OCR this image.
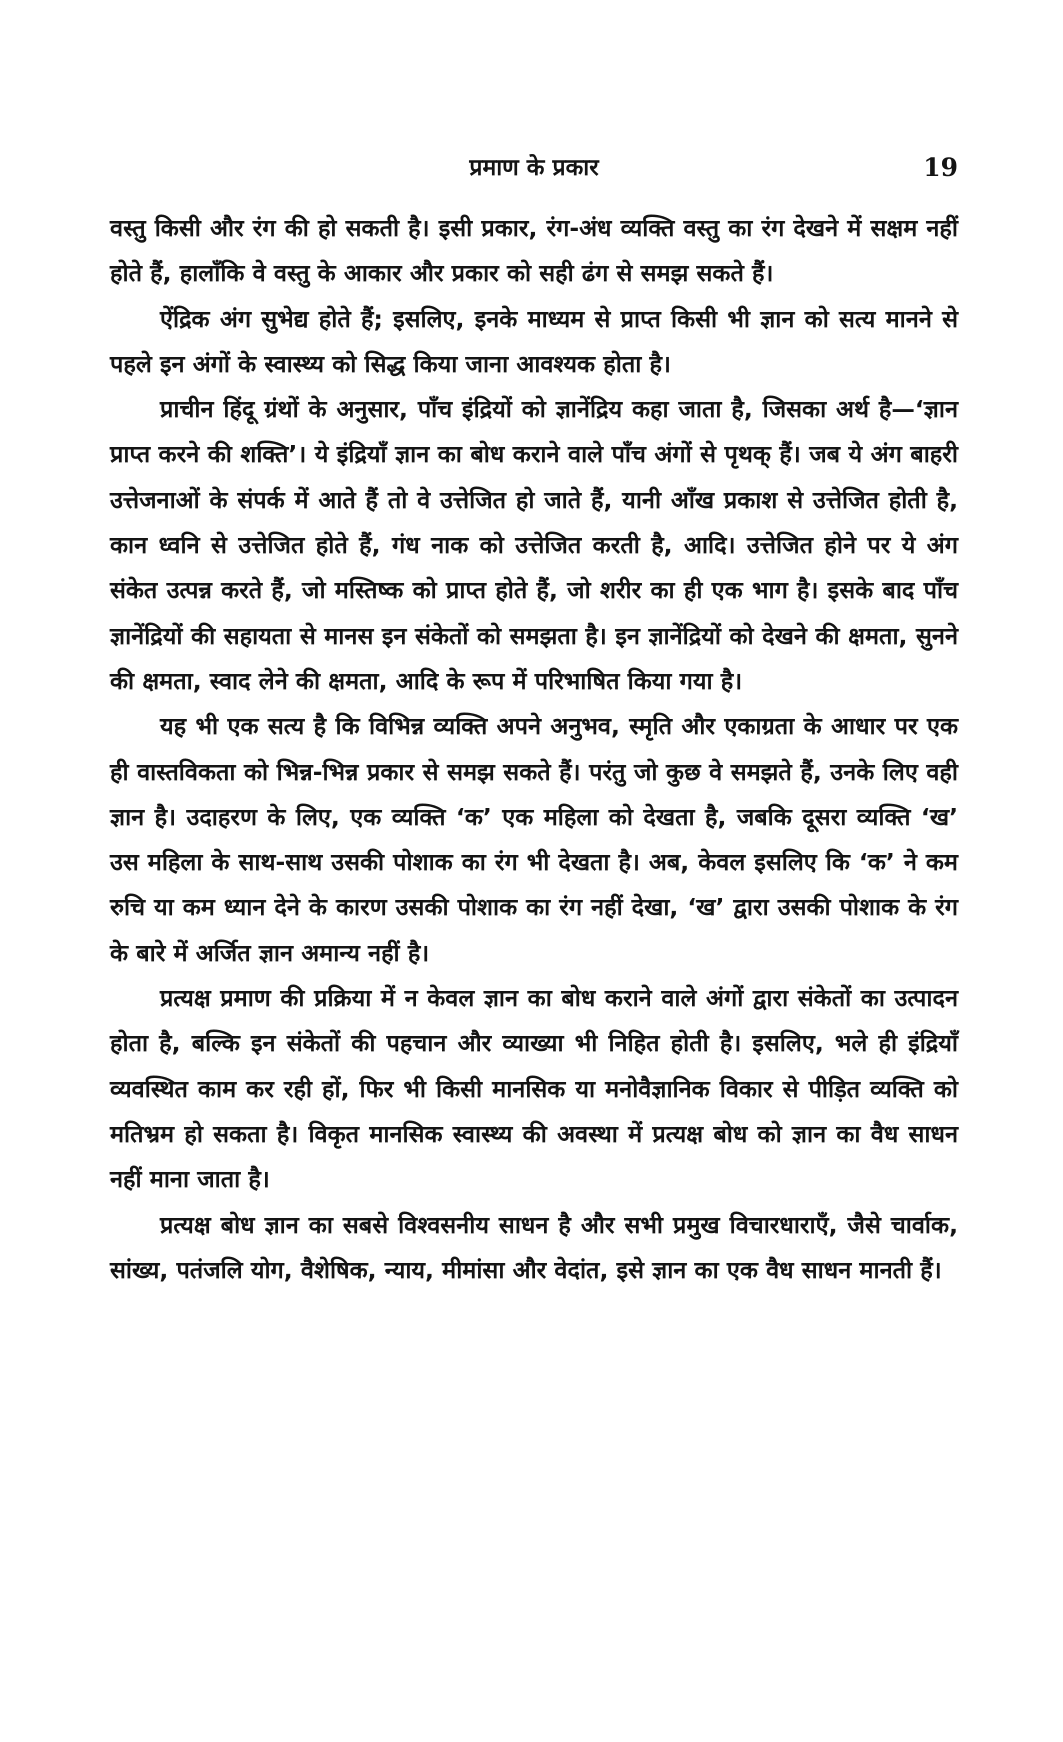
प्रमाण के प्रकार	19

वस्तु किसी और रंग की हो सकती है। इसी प्रकार, रंग-अंध व्यक्ति वस्तु का रंग देखने में सक्षम नहीं होते हैं, हालाँकि वे वस्तु के आकार और प्रकार को सही ढंग से समझ सकते हैं।

ऐंद्रिक अंग सुभेद्य होते हैं; इसलिए, इनके माध्यम से प्राप्त किसी भी ज्ञान को सत्य मानने से पहले इन अंगों के स्वास्थ्य को सिद्ध किया जाना आवश्यक होता है।

प्राचीन हिंदू ग्रंथों के अनुसार, पाँच इंद्रियों को ज्ञानेंद्रिय कहा जाता है, जिसका अर्थ है—‘ज्ञान प्राप्त करने की शक्ति’। ये इंद्रियाँ ज्ञान का बोध कराने वाले पाँच अंगों से पृथक् हैं। जब ये अंग बाहरी उत्तेजनाओं के संपर्क में आते हैं तो वे उत्तेजित हो जाते हैं, यानी आँख प्रकाश से उत्तेजित होती है, कान ध्वनि से उत्तेजित होते हैं, गंध नाक को उत्तेजित करती है, आदि। उत्तेजित होने पर ये अंग संकेत उत्पन्न करते हैं, जो मस्तिष्क को प्राप्त होते हैं, जो शरीर का ही एक भाग है। इसके बाद पाँच ज्ञानेंद्रियों की सहायता से मानस इन संकेतों को समझता है। इन ज्ञानेंद्रियों को देखने की क्षमता, सुनने की क्षमता, स्वाद लेने की क्षमता, आदि के रूप में परिभाषित किया गया है।

यह भी एक सत्य है कि विभिन्न व्यक्ति अपने अनुभव, स्मृति और एकाग्रता के आधार पर एक ही वास्तविकता को भिन्न-भिन्न प्रकार से समझ सकते हैं। परंतु जो कुछ वे समझते हैं, उनके लिए वही ज्ञान है। उदाहरण के लिए, एक व्यक्ति ‘क’ एक महिला को देखता है, जबकि दूसरा व्यक्ति ‘ख’ उस महिला के साथ-साथ उसकी पोशाक का रंग भी देखता है। अब, केवल इसलिए कि ‘क’ ने कम रुचि या कम ध्यान देने के कारण उसकी पोशाक का रंग नहीं देखा, ‘ख’ द्वारा उसकी पोशाक के रंग के बारे में अर्जित ज्ञान अमान्य नहीं है।

प्रत्यक्ष प्रमाण की प्रक्रिया में न केवल ज्ञान का बोध कराने वाले अंगों द्वारा संकेतों का उत्पादन होता है, बल्कि इन संकेतों की पहचान और व्याख्या भी निहित होती है। इसलिए, भले ही इंद्रियाँ व्यवस्थित काम कर रही हों, फिर भी किसी मानसिक या मनोवैज्ञानिक विकार से पीड़ित व्यक्ति को मतिभ्रम हो सकता है। विकृत मानसिक स्वास्थ्य की अवस्था में प्रत्यक्ष बोध को ज्ञान का वैध साधन नहीं माना जाता है।

प्रत्यक्ष बोध ज्ञान का सबसे विश्वसनीय साधन है और सभी प्रमुख विचारधाराएँ, जैसे चार्वाक, सांख्य, पतंजलि योग, वैशेषिक, न्याय, मीमांसा और वेदांत, इसे ज्ञान का एक वैध साधन मानती हैं।
